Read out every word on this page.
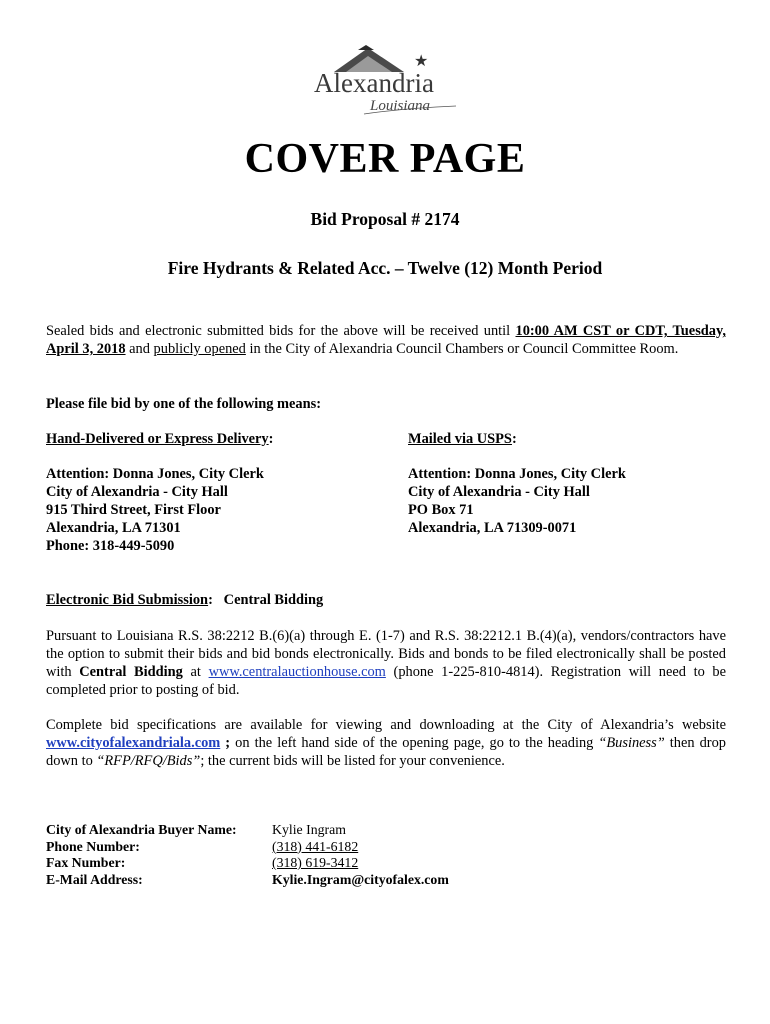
★
Alexandria
Louisiana
COVER PAGE
Bid Proposal # 2174
Fire Hydrants & Related Acc. – Twelve (12) Month Period
Sealed bids and electronic submitted bids for the above will be received until 10:00 AM CST or CDT, Tuesday, April 3, 2018 and publicly opened in the City of Alexandria Council Chambers or Council Committee Room.
Please file bid by one of the following means:
Hand-Delivered or Express Delivery:
Attention: Donna Jones, City Clerk
City of Alexandria - City Hall
915 Third Street, First Floor
Alexandria, LA 71301
Phone: 318-449-5090
Mailed via USPS:
Attention: Donna Jones, City Clerk
City of Alexandria - City Hall
PO Box 71
Alexandria, LA 71309-0071
Electronic Bid Submission: Central Bidding
Pursuant to Louisiana R.S. 38:2212 B.(6)(a) through E. (1-7) and R.S. 38:2212.1 B.(4)(a), vendors/contractors have the option to submit their bids and bid bonds electronically. Bids and bonds to be filed electronically shall be posted with Central Bidding at www.centralauctionhouse.com (phone 1-225-810-4814). Registration will need to be completed prior to posting of bid.
Complete bid specifications are available for viewing and downloading at the City of Alexandria’s website www.cityofalexandriala.com ; on the left hand side of the opening page, go to the heading “Business” then drop down to “RFP/RFQ/Bids”; the current bids will be listed for your convenience.
City of Alexandria Buyer Name:
Phone Number:
Fax Number:
E-Mail Address:
Kylie Ingram
(318) 441-6182
(318) 619-3412
Kylie.Ingram@cityofalex.com
